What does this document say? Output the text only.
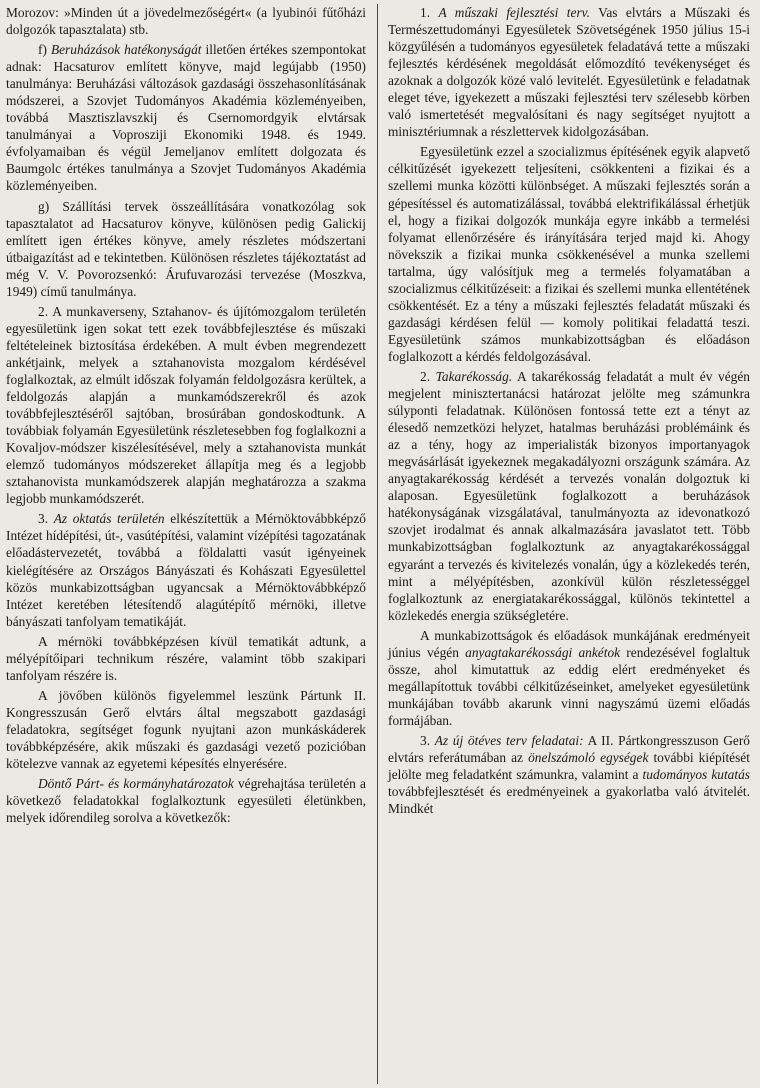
Morozov: »Minden út a jövedelmezőségért« (a lyubinói fűtőházi dolgozók tapasztalata) stb.

f) Beruházások hatékonyságát illetően értékes szempontokat adnak: Hacsaturov említett könyve, majd legújabb (1950) tanulmánya: Beruházási változások gazdasági összehasonlításának módszerei, a Szovjet Tudományos Akadémia közleményeiben, továbbá Masztiszlavszkij és Csernomordgyik elvtársak tanulmányai a Voprosziji Ekonomiki 1948. és 1949. évfolyamaiban és végül Jemeljanov említett dolgozata és Baumgolc értékes tanulmánya a Szovjet Tudományos Akadémia közleményeiben.

g) Szállítási tervek összeállítására vonatkozólag sok tapasztalatot ad Hacsaturov könyve, különösen pedig Galickij említett igen értékes könyve, amely részletes módszertani útbaigazítást ad e tekintetben. Különösen részletes tájékoztatást ad még V. V. Povorozsenkó: Árufuvarozási tervezése (Moszkva, 1949) című tanulmánya.

2. A munkaverseny, Sztahanov- és újítómozgalom területén egyesületünk igen sokat tett ezek továbbfejlesztése és műszaki feltételeinek biztosítása érdekében. A mult évben megrendezett ankétjaink, melyek a sztahanovista mozgalom kérdésével foglalkoztak, az elmúlt időszak folyamán feldolgozásra kerültek, a feldolgozás alapján a munkamódszerekről és azok továbbfejlesztéséről sajtóban, brosúrában gondoskodtunk. A továbbiak folyamán Egyesületünk részletesebben fog foglalkozni a Kovaljov-módszer kiszélesítésével, mely a sztahanovista munkát elemző tudományos módszereket állapítja meg és a legjobb sztahanovista munkamódszerek alapján meghatározza a szakma legjobb munkamódszerét.

3. Az oktatás területén elkészítettük a Mérnöktovábbképző Intézet hídépítési, út-, vasútépítési, valamint vízépítési tagozatának előadástervezetét, továbbá a földalatti vasút igényeinek kielégítésére az Országos Bányászati és Kohászati Egyesülettel közös munkabizottságban ugyancsak a Mérnöktovábbképző Intézet keretében létesítendő alagútépítő mérnöki, illetve bányászati tanfolyam tematikáját.

A mérnöki továbbképzésen kívül tematikát adtunk, a mélyépítőipari technikum részére, valamint több szakipari tanfolyam részére is.

A jövőben különös figyelemmel leszünk Pártunk II. Kongresszusán Gerő elvtárs által megszabott gazdasági feladatokra, segítséget fogunk nyujtani azon munkáskáderek továbbképzésére, akik műszaki és gazdasági vezető pozicióban kötelezve vannak az egyetemi képesítés elnyerésére.

Döntő Párt- és kormányhatározatok végrehajtása területén a következő feladatokkal foglalkoztunk egyesületi életünkben, melyek időrendileg sorolva a következők:

1. A műszaki fejlesztési terv. Vas elvtárs a Műszaki és Természettudományi Egyesületek Szövetségének 1950 július 15-i közgyűlésén a tudományos egyesületek feladatává tette a műszaki fejlesztés kérdésének megoldását előmozdító tevékenységet és azoknak a dolgozók közé való levitelét. Egyesületünk e feladatnak eleget téve, igyekezett a műszaki fejlesztési terv szélesebb körben való ismertetését megvalósítani és nagy segítséget nyujtott a minisztériumnak a részlettervek kidolgozásában.

Egyesületünk ezzel a szocializmus építésének egyik alapvető célkitűzését igyekezett teljesíteni, csökkenteni a fizikai és a szellemi munka közötti különbséget. A műszaki fejlesztés során a gépesítéssel és automatizálással, továbbá elektrifikálással érhetjük el, hogy a fizikai dolgozók munkája egyre inkább a termelési folyamat ellenőrzésére és irányítására terjed majd ki. Ahogy növekszik a fizikai munka csökkenésével a munka szellemi tartalma, úgy valósítjuk meg a termelés folyamatában a szocializmus célkitűzéseit: a fizikai és szellemi munka ellentétének csökkentését. Ez a tény a műszaki fejlesztés feladatát műszaki és gazdasági kérdésen felül — komoly politikai feladattá teszi. Egyesületünk számos munkabizottságban és előadáson foglalkozott a kérdés feldolgozásával.

2. Takarékosság. A takarékosság feladatát a mult év végén megjelent minisztertanácsi határozat jelölte meg számunkra súlyponti feladatnak. Különösen fontossá tette ezt a tényt az élesedő nemzetközi helyzet, hatalmas beruházási problémáink és az a tény, hogy az imperialisták bizonyos importanyagok megvásárlását igyekeznek megakadályozni országunk számára. Az anyagtakarékosság kérdését a tervezés vonalán dolgoztuk ki alaposan. Egyesületünk foglalkozott a beruházások hatékonyságának vizsgálatával, tanulmányozta az idevonatkozó szovjet irodalmat és annak alkalmazására javaslatot tett. Több munkabizottságban foglalkoztunk az anyagtakarékossággal egyaránt a tervezés és kivitelezés vonalán, úgy a közlekedés terén, mint a mélyépítésben, azonkívül külön részletességgel foglalkoztunk az energiatakarékossággal, különös tekintettel a közlekedés energia szükségletére.

A munkabizottságok és előadások munkájának eredményeit június végén anyagtakarékossági ankétok rendezésével foglaltuk össze, ahol kimutattuk az eddig elért eredményeket és megállapítottuk további célkitűzéseinket, amelyeket egyesületünk munkájában tovább akarunk vinni nagyszámú üzemi előadás formájában.

3. Az új ötéves terv feladatai: A II. Pártkongresszuson Gerő elvtárs referátumában az önelszámoló egységek további kiépítését jelölte meg feladatként számunkra, valamint a tudományos kutatás továbbfejlesztését és eredményeinek a gyakorlatba való átvitelét. Mindkét
